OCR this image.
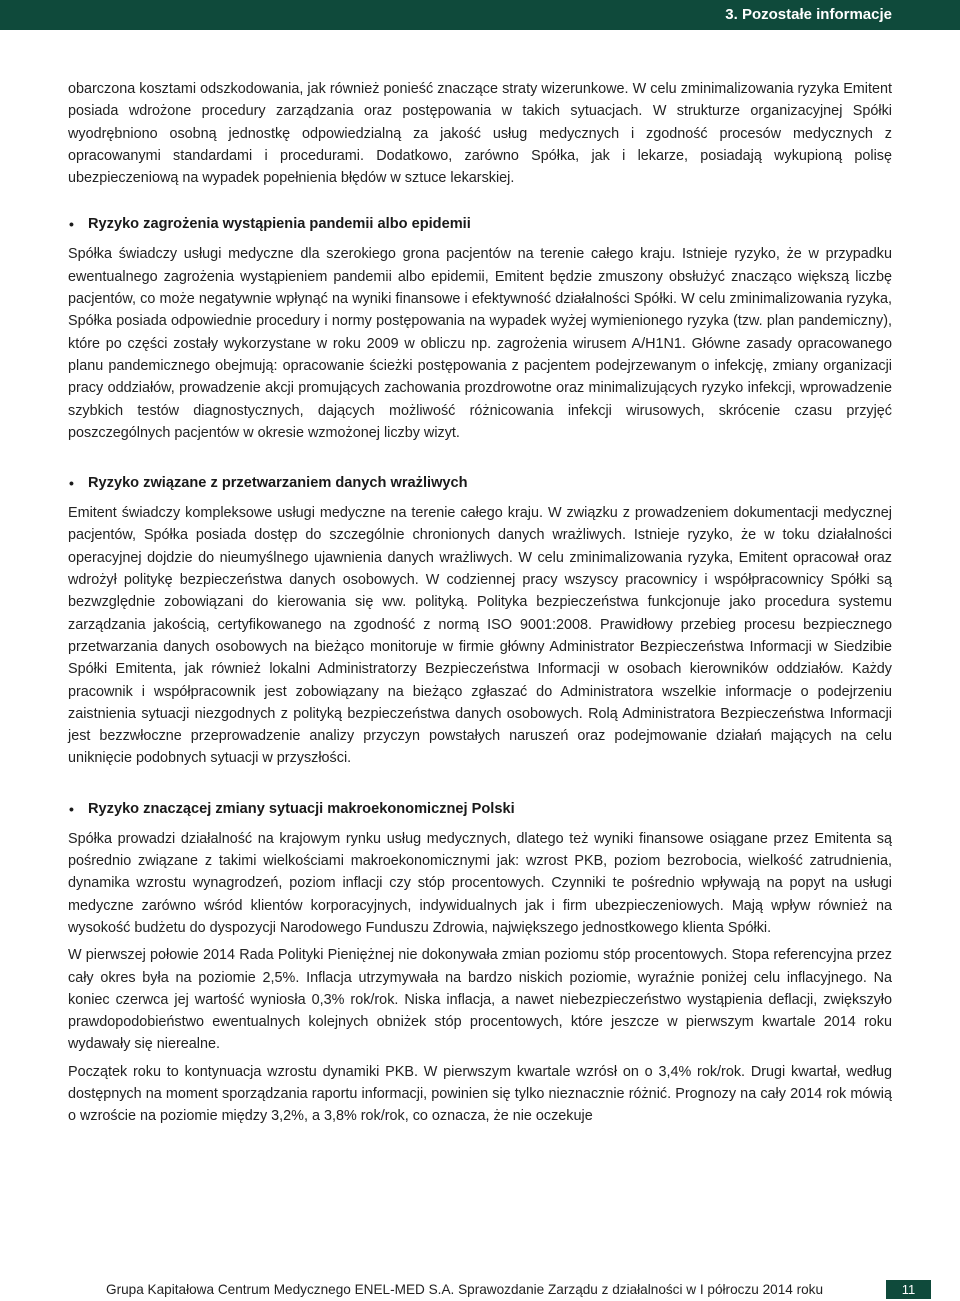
3. Pozostałe informacje

obarczona kosztami odszkodowania, jak również ponieść znaczące straty wizerunkowe. W celu zminimalizowania ryzyka Emitent posiada wdrożone procedury zarządzania oraz postępowania w takich sytuacjach. W strukturze organizacyjnej Spółki wyodrębniono osobną jednostkę odpowiedzialną za jakość usług medycznych i zgodność procesów medycznych z opracowanymi standardami i procedurami. Dodatkowo, zarówno Spółka, jak i lekarze, posiadają wykupioną polisę ubezpieczeniową na wypadek popełnienia błędów w sztuce lekarskiej.

• Ryzyko zagrożenia wystąpienia pandemii albo epidemii

Spółka świadczy usługi medyczne dla szerokiego grona pacjentów na terenie całego kraju. Istnieje ryzyko, że w przypadku ewentualnego zagrożenia wystąpieniem pandemii albo epidemii, Emitent będzie zmuszony obsłużyć znacząco większą liczbę pacjentów, co może negatywnie wpłynąć na wyniki finansowe i efektywność działalności Spółki. W celu zminimalizowania ryzyka, Spółka posiada odpowiednie procedury i normy postępowania na wypadek wyżej wymienionego ryzyka (tzw. plan pandemiczny), które po części zostały wykorzystane w roku 2009 w obliczu np. zagrożenia wirusem A/H1N1. Główne zasady opracowanego planu pandemicznego obejmują: opracowanie ścieżki postępowania z pacjentem podejrzewanym o infekcję, zmiany organizacji pracy oddziałów, prowadzenie akcji promujących zachowania prozdrowotne oraz minimalizujących ryzyko infekcji, wprowadzenie szybkich testów diagnostycznych, dających możliwość różnicowania infekcji wirusowych, skrócenie czasu przyjęć poszczególnych pacjentów w okresie wzmożonej liczby wizyt.

• Ryzyko związane z przetwarzaniem danych wrażliwych

Emitent świadczy kompleksowe usługi medyczne na terenie całego kraju. W związku z prowadzeniem dokumentacji medycznej pacjentów, Spółka posiada dostęp do szczególnie chronionych danych wrażliwych. Istnieje ryzyko, że w toku działalności operacyjnej dojdzie do nieumyślnego ujawnienia danych wrażliwych. W celu zminimalizowania ryzyka, Emitent opracował oraz wdrożył politykę bezpieczeństwa danych osobowych. W codziennej pracy wszyscy pracownicy i współpracownicy Spółki są bezwzględnie zobowiązani do kierowania się ww. polityką. Polityka bezpieczeństwa funkcjonuje jako procedura systemu zarządzania jakością, certyfikowanego na zgodność z normą ISO 9001:2008. Prawidłowy przebieg procesu bezpiecznego przetwarzania danych osobowych na bieżąco monitoruje w firmie główny Administrator Bezpieczeństwa Informacji w Siedzibie Spółki Emitenta, jak również lokalni Administratorzy Bezpieczeństwa Informacji w osobach kierowników oddziałów. Każdy pracownik i współpracownik jest zobowiązany na bieżąco zgłaszać do Administratora wszelkie informacje o podejrzeniu zaistnienia sytuacji niezgodnych z polityką bezpieczeństwa danych osobowych. Rolą Administratora Bezpieczeństwa Informacji jest bezzwłoczne przeprowadzenie analizy przyczyn powstałych naruszeń oraz podejmowanie działań mających na celu uniknięcie podobnych sytuacji w przyszłości.

• Ryzyko znaczącej zmiany sytuacji makroekonomicznej Polski

Spółka prowadzi działalność na krajowym rynku usług medycznych, dlatego też wyniki finansowe osiągane przez Emitenta są pośrednio związane z takimi wielkościami makroekonomicznymi jak: wzrost PKB, poziom bezrobocia, wielkość zatrudnienia, dynamika wzrostu wynagrodzeń, poziom inflacji czy stóp procentowych. Czynniki te pośrednio wpływają na popyt na usługi medyczne zarówno wśród klientów korporacyjnych, indywidualnych jak i firm ubezpieczeniowych. Mają wpływ również na wysokość budżetu do dyspozycji Narodowego Funduszu Zdrowia, największego jednostkowego klienta Spółki.

W pierwszej połowie 2014 Rada Polityki Pieniężnej nie dokonywała zmian poziomu stóp procentowych. Stopa referencyjna przez cały okres była na poziomie 2,5%. Inflacja utrzymywała na bardzo niskich poziomie, wyraźnie poniżej celu inflacyjnego. Na koniec czerwca jej wartość wyniosła 0,3% rok/rok. Niska inflacja, a nawet niebezpieczeństwo wystąpienia deflacji, zwiększyło prawdopodobieństwo ewentualnych kolejnych obniżek stóp procentowych, które jeszcze w pierwszym kwartale 2014 roku wydawały się nierealne.

Początek roku to kontynuacja wzrostu dynamiki PKB. W pierwszym kwartale wzrósł on o 3,4% rok/rok. Drugi kwartał, według dostępnych na moment sporządzania raportu informacji, powinien się tylko nieznacznie różnić. Prognozy na cały 2014 rok mówią o wzroście na poziomie między 3,2%, a 3,8% rok/rok, co oznacza, że nie oczekuje

Grupa Kapitałowa Centrum Medycznego ENEL-MED S.A. Sprawozdanie Zarządu z działalności w I półroczu 2014 roku	11
